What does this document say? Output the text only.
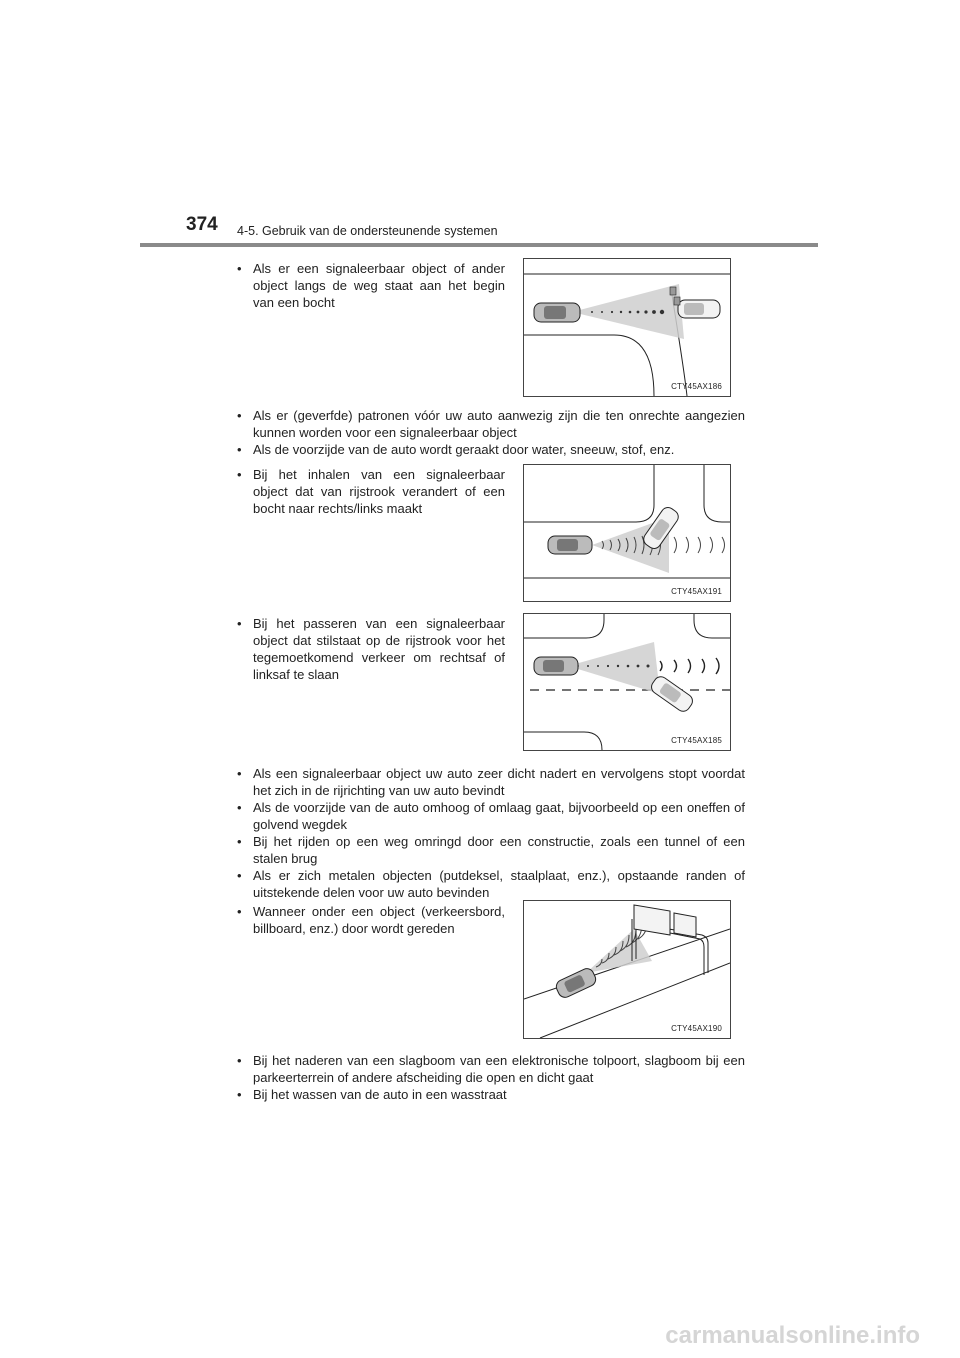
374 4-5. Gebruik van de ondersteunende systemen

• Als er een signaleerbaar object of ander object langs de weg staat aan het begin van een bocht

CTY45AX186

• Als er (geverfde) patronen vóór uw auto aanwezig zijn die ten onrechte aangezien kunnen worden voor een signaleerbaar object

• Als de voorzijde van de auto wordt geraakt door water, sneeuw, stof, enz.

• Bij het inhalen van een signaleerbaar object dat van rijstrook verandert of een bocht naar rechts/links maakt

CTY45AX191

• Bij het passeren van een signaleerbaar object dat stilstaat op de rijstrook voor het tegemoetkomend verkeer om rechtsaf of linksaf te slaan

CTY45AX185

• Als een signaleerbaar object uw auto zeer dicht nadert en vervolgens stopt voordat het zich in de rijrichting van uw auto bevindt

• Als de voorzijde van de auto omhoog of omlaag gaat, bijvoorbeeld op een oneffen of golvend wegdek

• Bij het rijden op een weg omringd door een constructie, zoals een tunnel of een stalen brug

• Als er zich metalen objecten (putdeksel, staalplaat, enz.), opstaande randen of uitstekende delen voor uw auto bevinden

• Wanneer onder een object (verkeersbord, billboard, enz.) door wordt gereden

CTY45AX190

• Bij het naderen van een slagboom van een elektronische tolpoort, slagboom bij een parkeerterrein of andere afscheiding die open en dicht gaat

• Bij het wassen van de auto in een wasstraat

carmanualsonline.info
